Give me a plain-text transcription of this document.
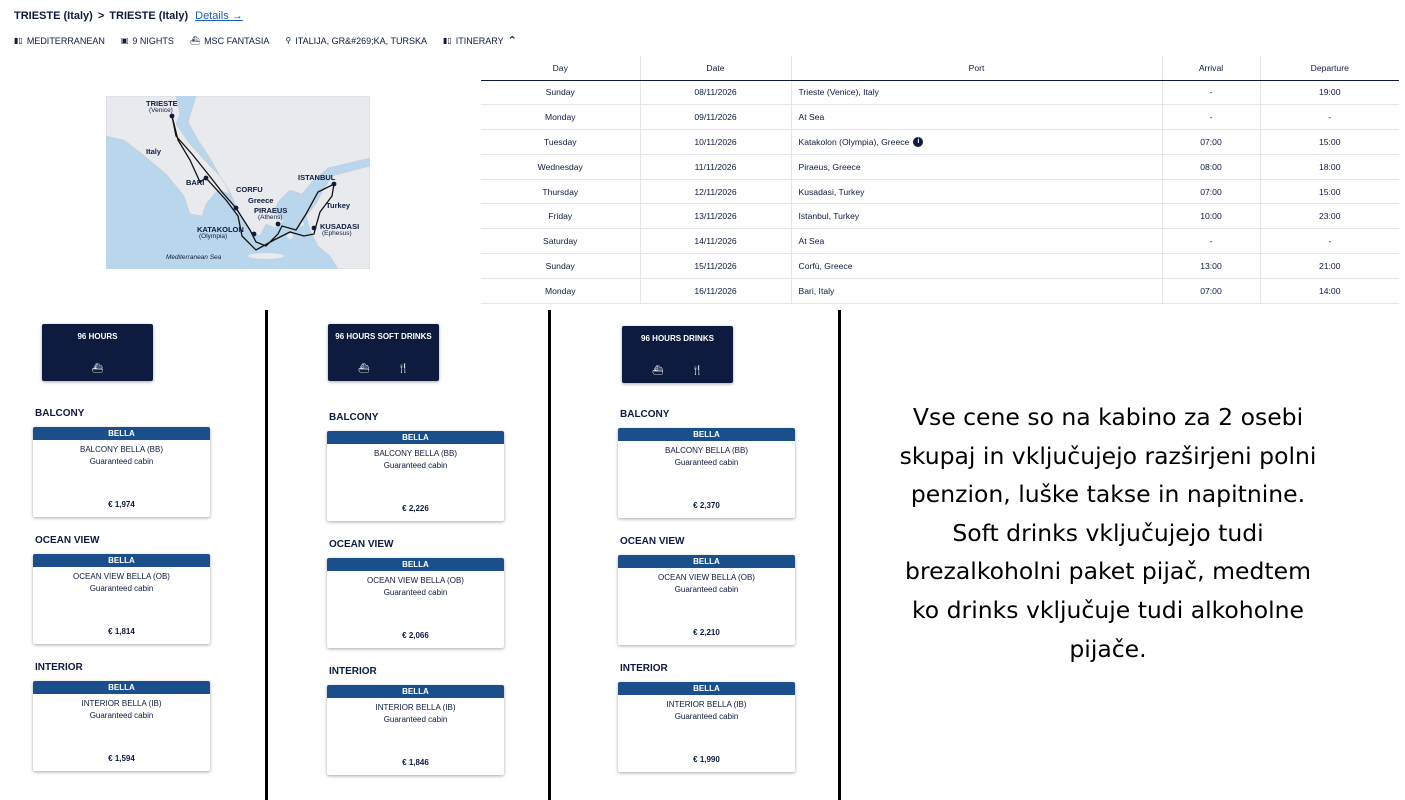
TRIESTE (Italy) > TRIESTE (Italy) Details →
▮▯ MEDITERRANEAN ▣ 9 NIGHTS ⛴ MSC FANTASIA ⚲ ITALIJA, GR&#269;KA, TURSKA ▮▯ ITINERARY ⌃
TRIESTE
(Venice)
Italy
BARI
CORFU
Greece
PIRAEUS
(Athens)
ISTANBUL
Turkey
KATAKOLON
(Olympia)
KUSADASI
(Ephesus)
Mediterranean Sea
Day	Date	Port	Arrival	Departure
Sunday	08/11/2026	Trieste (Venice), Italy	-	19:00
Monday	09/11/2026	At Sea	-	-
Tuesday	10/11/2026	Katakolon (Olympia), Greece i	07:00	15:00
Wednesday	11/11/2026	Piraeus, Greece	08:00	18:00
Thursday	12/11/2026	Kusadasi, Turkey	07:00	15:00
Friday	13/11/2026	Istanbul, Turkey	10:00	23:00
Saturday	14/11/2026	At Sea	-	-
Sunday	15/11/2026	Corfù, Greece	13:00	21:00
Monday	16/11/2026	Bari, Italy	07:00	14:00
96 HOURS
⛴
BALCONY
BELLA
BALCONY BELLA (BB)
Guaranteed cabin
€ 1,974
OCEAN VIEW
BELLA
OCEAN VIEW BELLA (OB)
Guaranteed cabin
€ 1,814
INTERIOR
BELLA
INTERIOR BELLA (IB)
Guaranteed cabin
€ 1,594
96 HOURS SOFT DRINKS
⛴	🍴
BALCONY
BELLA
BALCONY BELLA (BB)
Guaranteed cabin
€ 2,226
OCEAN VIEW
BELLA
OCEAN VIEW BELLA (OB)
Guaranteed cabin
€ 2,066
INTERIOR
BELLA
INTERIOR BELLA (IB)
Guaranteed cabin
€ 1,846
96 HOURS DRINKS
⛴	🍴
BALCONY
BELLA
BALCONY BELLA (BB)
Guaranteed cabin
€ 2,370
OCEAN VIEW
BELLA
OCEAN VIEW BELLA (OB)
Guaranteed cabin
€ 2,210
INTERIOR
BELLA
INTERIOR BELLA (IB)
Guaranteed cabin
€ 1,990
Vse cene so na kabino za 2 osebi skupaj in vključujejo razširjeni polni penzion, luške takse in napitnine. Soft drinks vključujejo tudi brezalkoholni paket pijač, medtem ko drinks vključuje tudi alkoholne pijače.
